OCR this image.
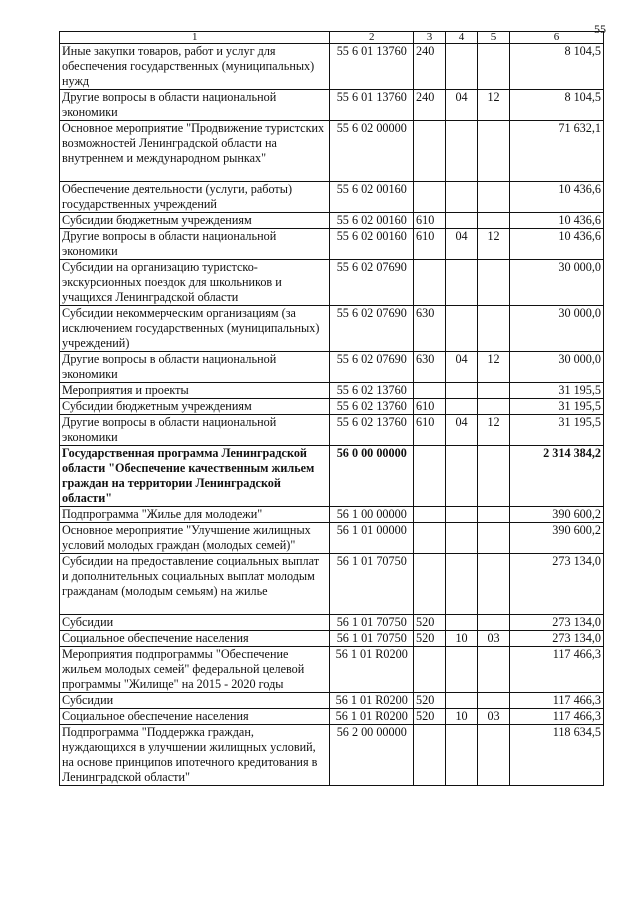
55
1	2	3	4	5	6
Иные закупки товаров, работ и услуг для обеспечения государственных (муниципальных) нужд	55 6 01 13760	240			8 104,5
Другие вопросы в области национальной экономики	55 6 01 13760	240	04	12	8 104,5
Основное мероприятие "Продвижение туристских возможностей Ленинградской области на внутреннем и международном рынках"	55 6 02 00000				71 632,1
Обеспечение деятельности (услуги, работы) государственных учреждений	55 6 02 00160				10 436,6
Субсидии бюджетным учреждениям	55 6 02 00160	610			10 436,6
Другие вопросы в области национальной экономики	55 6 02 00160	610	04	12	10 436,6
Субсидии на организацию туристско-экскурсионных поездок для школьников и учащихся Ленинградской области	55 6 02 07690				30 000,0
Субсидии некоммерческим организациям (за исключением государственных (муниципальных) учреждений)	55 6 02 07690	630			30 000,0
Другие вопросы в области национальной экономики	55 6 02 07690	630	04	12	30 000,0
Мероприятия и проекты	55 6 02 13760				31 195,5
Субсидии бюджетным учреждениям	55 6 02 13760	610			31 195,5
Другие вопросы в области национальной экономики	55 6 02 13760	610	04	12	31 195,5
Государственная программа Ленинградской области "Обеспечение качественным жильем граждан на территории Ленинградской области"	56 0 00 00000				2 314 384,2
Подпрограмма "Жилье для молодежи"	56 1 00 00000				390 600,2
Основное мероприятие "Улучшение жилищных условий молодых граждан (молодых семей)"	56 1 01 00000				390 600,2
Субсидии на предоставление социальных выплат и дополнительных социальных выплат молодым гражданам (молодым семьям) на жилье	56 1 01 70750				273 134,0
Субсидии	56 1 01 70750	520			273 134,0
Социальное обеспечение населения	56 1 01 70750	520	10	03	273 134,0
Мероприятия подпрограммы "Обеспечение жильем молодых семей" федеральной целевой программы "Жилище" на 2015 - 2020 годы	56 1 01 R0200				117 466,3
Субсидии	56 1 01 R0200	520			117 466,3
Социальное обеспечение населения	56 1 01 R0200	520	10	03	117 466,3
Подпрограмма "Поддержка граждан, нуждающихся в улучшении жилищных условий, на основе принципов ипотечного кредитования в Ленинградской области"	56 2 00 00000				118 634,5
